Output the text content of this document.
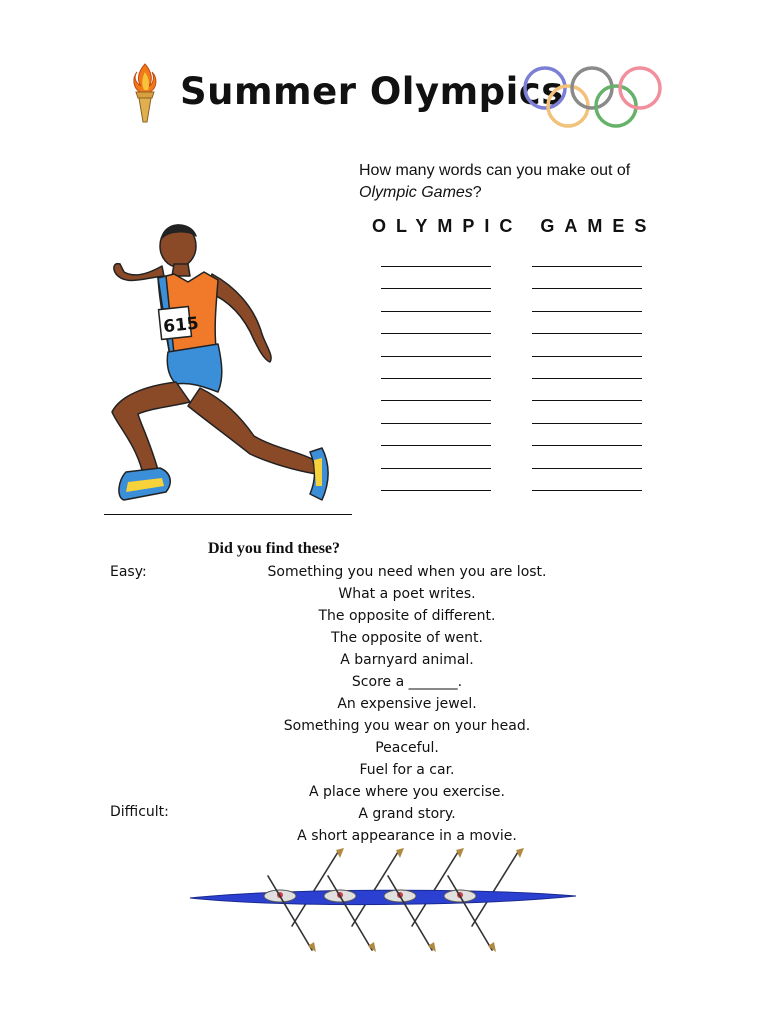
Summer Olympics
How many words can you make out of
Olympic Games?
OLYMPIC GAMES
615
Did you find these?
Easy:
Difficult:
Something you need when you are lost.
What a poet writes.
The opposite of different.
The opposite of went.
A barnyard animal.
Score a _______.
An expensive jewel.
Something you wear on your head.
Peaceful.
Fuel for a car.
A place where you exercise.
A grand story.
A short appearance in a movie.
